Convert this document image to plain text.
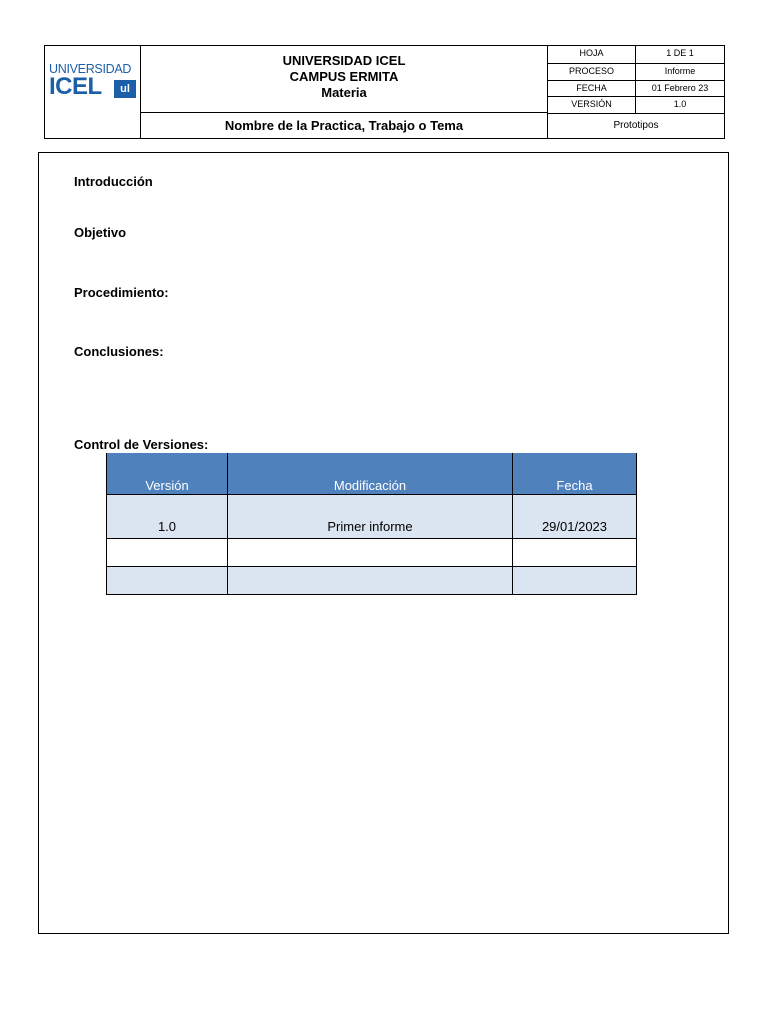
UNIVERSIDAD
ICEL	ul
UNIVERSIDAD ICEL
CAMPUS ERMITA
Materia
Nombre de la Practica, Trabajo o Tema
HOJA	1 DE 1
PROCESO	Informe
FECHA	01 Febrero 23
VERSIÓN	1.0
Prototipos
Introducción
Objetivo
Procedimiento:
Conclusiones:
Control de Versiones:
Versión	Modificación	Fecha
1.0	Primer informe	29/01/2023
